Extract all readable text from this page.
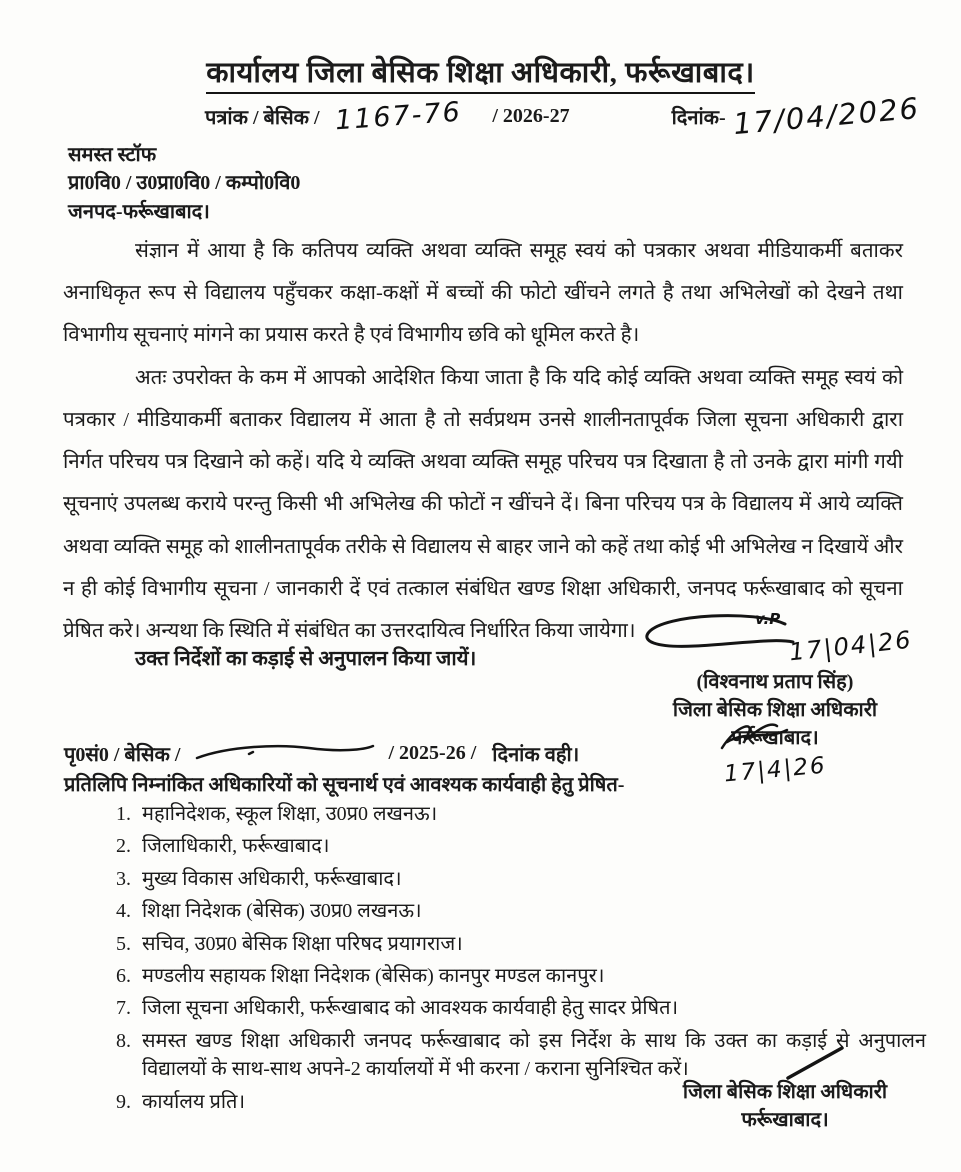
कार्यालय जिला बेसिक शिक्षा अधिकारी, फर्रूखाबाद।
पत्रांक / बेसिक / 1167-76 / 2026-27	दिनांक- 17/04/2026
समस्त स्टॉफ
प्रा0वि0 / उ0प्रा0वि0 / कम्पो0वि0
जनपद-फर्रूखाबाद।

संज्ञान में आया है कि कतिपय व्यक्ति अथवा व्यक्ति समूह स्वयं को पत्रकार अथवा मीडियाकर्मी बताकर अनाधिकृत रूप से विद्यालय पहुँचकर कक्षा-कक्षों में बच्चों की फोटो खींचने लगते है तथा अभिलेखों को देखने तथा विभागीय सूचनाएं मांगने का प्रयास करते है एवं विभागीय छवि को धूमिल करते है।

अतः उपरोक्त के कम में आपको आदेशित किया जाता है कि यदि कोई व्यक्ति अथवा व्यक्ति समूह स्वयं को पत्रकार / मीडियाकर्मी बताकर विद्यालय में आता है तो सर्वप्रथम उनसे शालीनतापूर्वक जिला सूचना अधिकारी द्वारा निर्गत परिचय पत्र दिखाने को कहें। यदि ये व्यक्ति अथवा व्यक्ति समूह परिचय पत्र दिखाता है तो उनके द्वारा मांगी गयी सूचनाएं उपलब्ध कराये परन्तु किसी भी अभिलेख की फोटों न खींचने दें। बिना परिचय पत्र के विद्यालय में आये व्यक्ति अथवा व्यक्ति समूह को शालीनतापूर्वक तरीके से विद्यालय से बाहर जाने को कहें तथा कोई भी अभिलेख न दिखायें और न ही कोई विभागीय सूचना / जानकारी दें एवं तत्काल संबंधित खण्ड शिक्षा अधिकारी, जनपद फर्रूखाबाद को सूचना प्रेषित करे। अन्यथा कि स्थिति में संबंधित का उत्तरदायित्व निर्धारित किया जायेगा।

उक्त निर्देशों का कड़ाई से अनुपालन किया जायें।
v.P
17|04|26
(विश्वनाथ प्रताप सिंह)
जिला बेसिक शिक्षा अधिकारी
फर्रूखाबाद।
17|4|26
पृ0सं0 / बेसिक /	/ 2025-26 / दिनांक वही।
प्रतिलिपि निम्नांकित अधिकारियों को सूचनार्थ एवं आवश्यक कार्यवाही हेतु प्रेषित-
1. महानिदेशक, स्कूल शिक्षा, उ0प्र0 लखनऊ।
2. जिलाधिकारी, फर्रूखाबाद।
3. मुख्य विकास अधिकारी, फर्रूखाबाद।
4. शिक्षा निदेशक (बेसिक) उ0प्र0 लखनऊ।
5. सचिव, उ0प्र0 बेसिक शिक्षा परिषद प्रयागराज।
6. मण्डलीय सहायक शिक्षा निदेशक (बेसिक) कानपुर मण्डल कानपुर।
7. जिला सूचना अधिकारी, फर्रूखाबाद को आवश्यक कार्यवाही हेतु सादर प्रेषित।
8. समस्त खण्ड शिक्षा अधिकारी जनपद फर्रूखाबाद को इस निर्देश के साथ कि उक्त का कड़ाई से अनुपालन विद्यालयों के साथ-साथ अपने-2 कार्यालयों में भी करना / कराना सुनिश्चित करें।
9. कार्यालय प्रति।	जिला बेसिक शिक्षा अधिकारी
फर्रूखाबाद।
